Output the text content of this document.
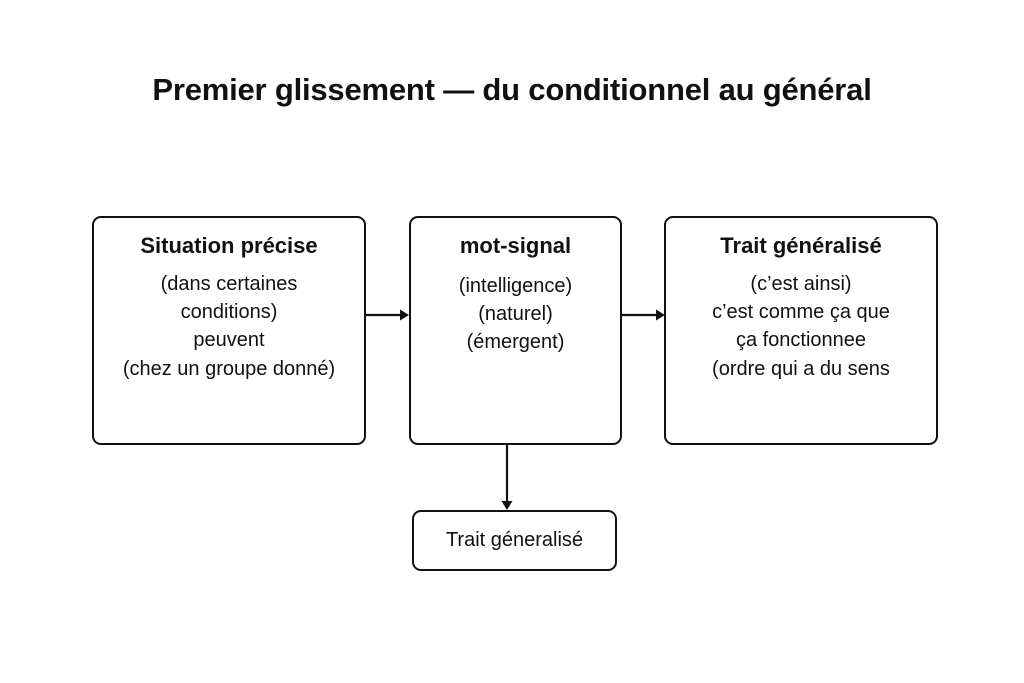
Premier glissement — du conditionnel au général
Situation précise
(dans certaines
conditions)
peuvent
(chez un groupe donné)
mot-signal
(intelligence)
(naturel)
(émergent)
Trait généralisé
(c’est ainsi)
c’est comme ça que
ça fonctionnee
(ordre qui a du sens
Trait géneralisé
